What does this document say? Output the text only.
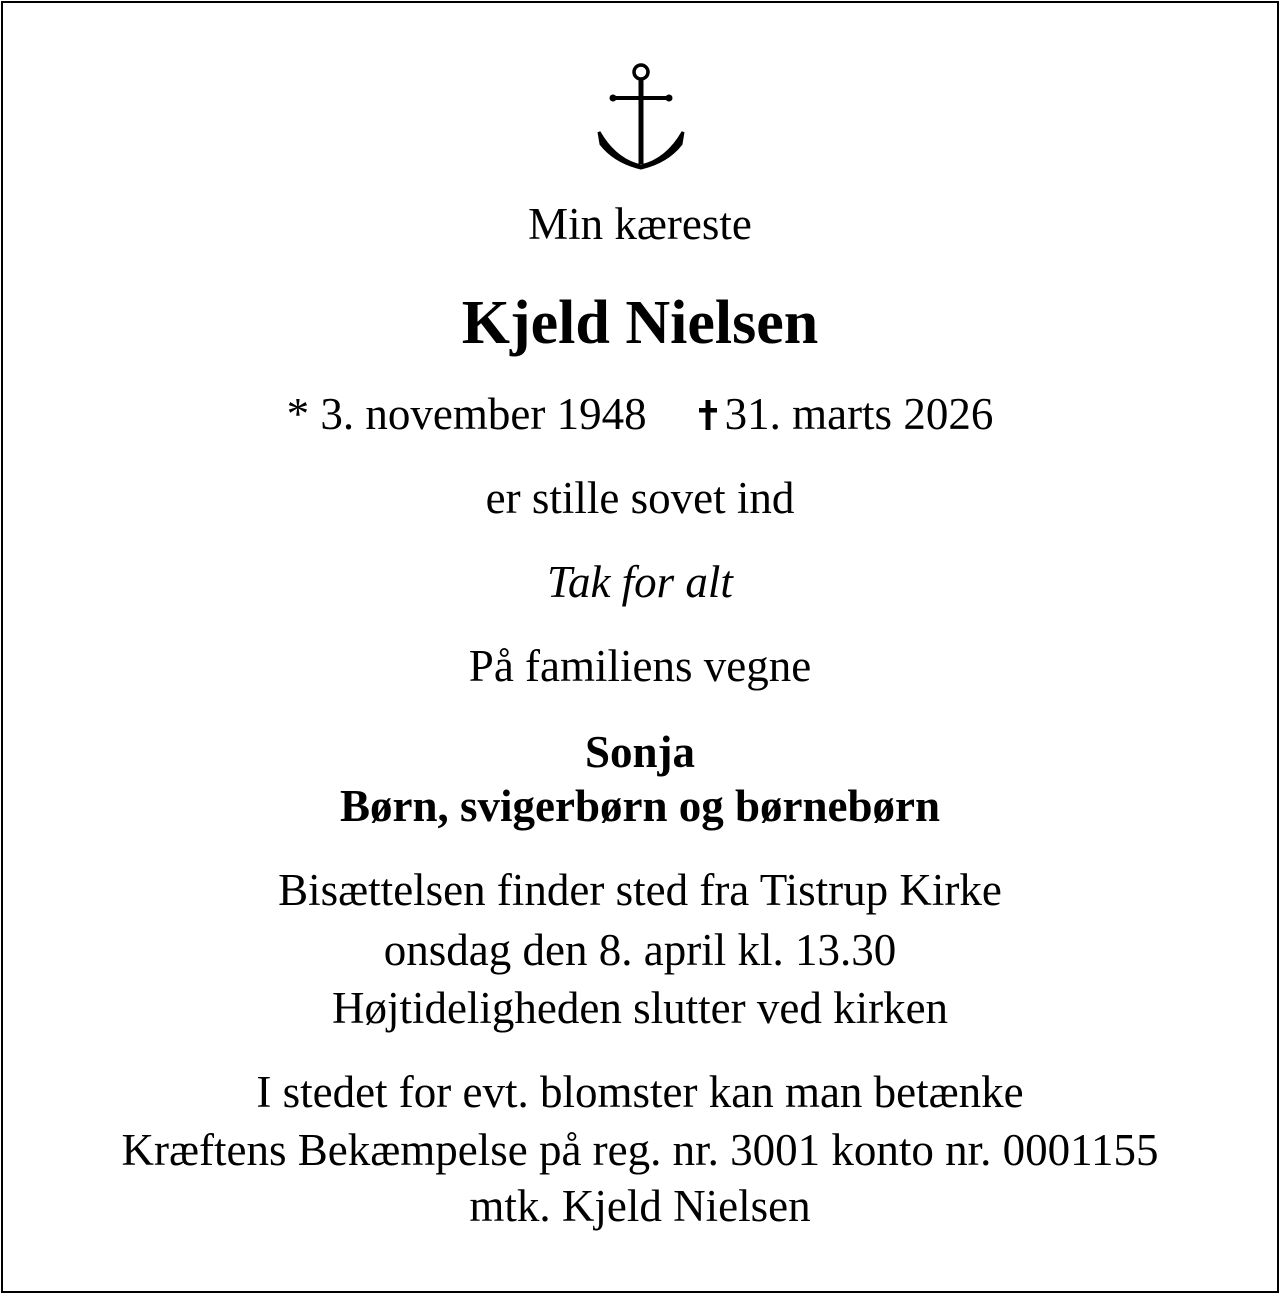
Min kæreste
Kjeld Nielsen
* 3. november 1948 31. marts 2026
er stille sovet ind
Tak for alt
På familiens vegne
Sonja
Børn, svigerbørn og børnebørn
Bisættelsen finder sted fra Tistrup Kirke
onsdag den 8. april kl. 13.30
Højtideligheden slutter ved kirken
I stedet for evt. blomster kan man betænke
Kræftens Bekæmpelse på reg. nr. 3001 konto nr. 0001155
mtk. Kjeld Nielsen
